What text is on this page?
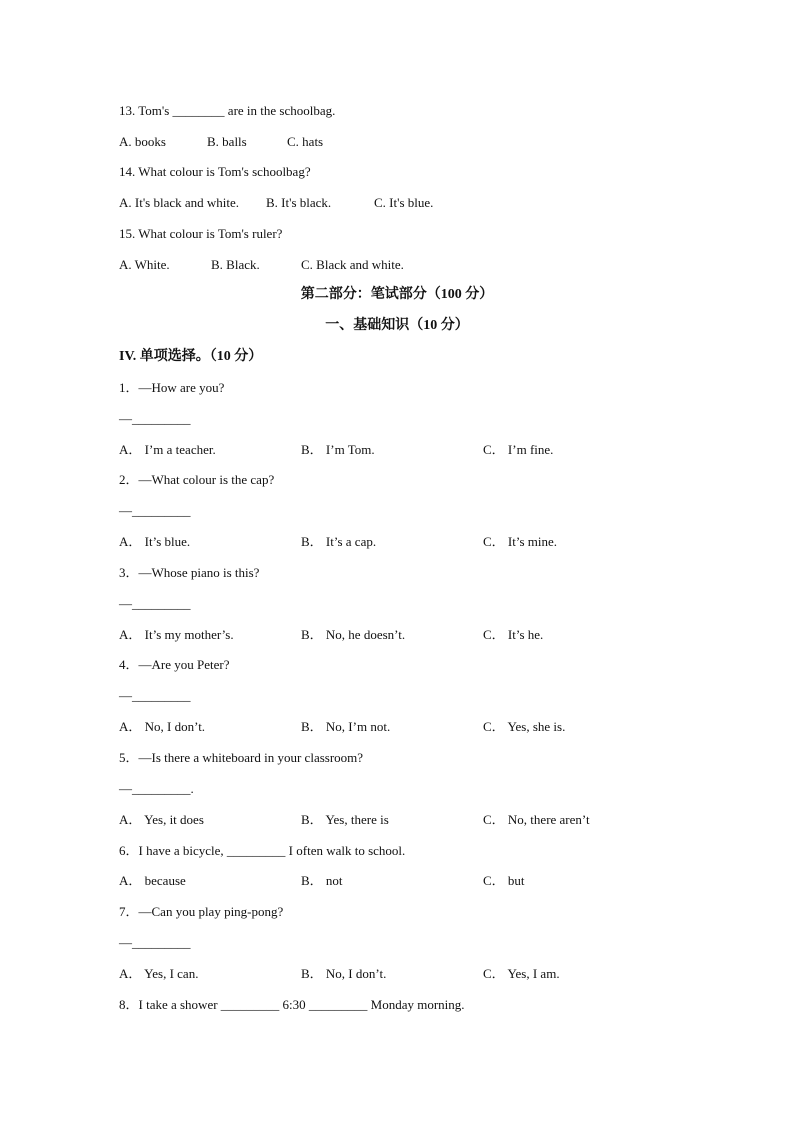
13. Tom's ________ are in the schoolbag.
A. books	B. balls	C. hats
14. What colour is Tom's schoolbag?
A. It's black and white. B. It's black.	C. It's blue.
15. What colour is Tom's ruler?
A. White.	B. Black.	C. Black and white.
第二部分：笔试部分（100 分）
一、基础知识（10 分）
IV. 单项选择。（10 分）
1．—How are you?
—_________
A． I’m a teacher.	B． I’m Tom.	C． I’m fine.
2．—What colour is the cap?
—_________
A． It’s blue.	B． It’s a cap.	C． It’s mine.
3．—Whose piano is this?
—_________
A． It’s my mother’s.	B． No, he doesn’t.	C． It’s he.
4．—Are you Peter?
—_________
A． No, I don’t.	B． No, I’m not.	C． Yes, she is.
5．—Is there a whiteboard in your classroom?
—_________.
A． Yes, it does	B． Yes, there is	C． No, there aren’t
6．I have a bicycle, _________ I often walk to school.
A． because	B． not	C． but
7．—Can you play ping-pong?
—_________
A． Yes, I can.	B． No, I don’t.	C． Yes, I am.
8．I take a shower _________ 6:30 _________ Monday morning.
